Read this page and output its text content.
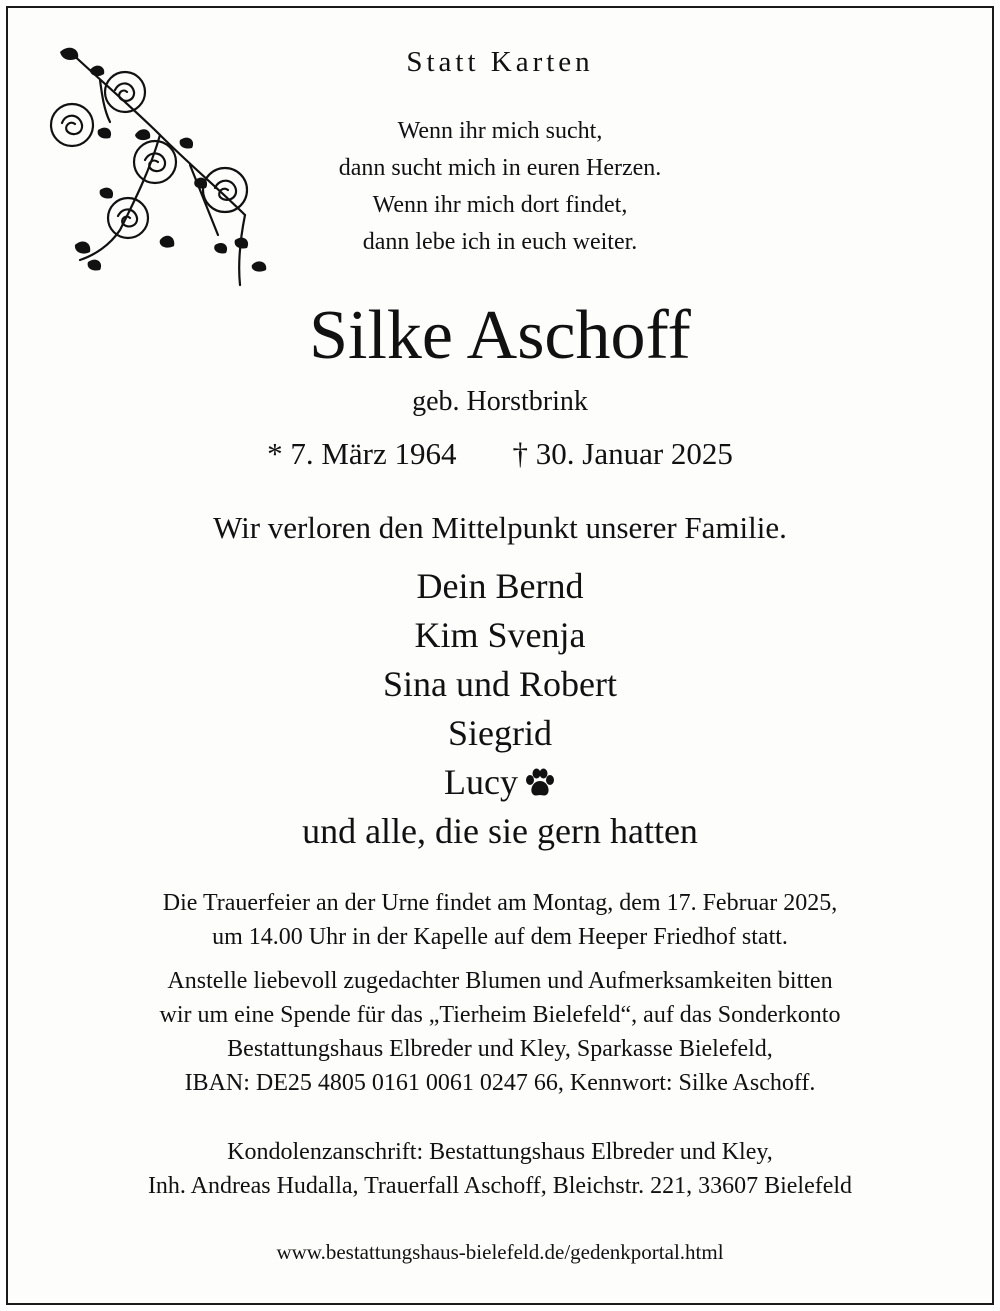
Statt Karten
Wenn ihr mich sucht,
dann sucht mich in euren Herzen.
Wenn ihr mich dort findet,
dann lebe ich in euch weiter.
Silke Aschoff
geb. Horstbrink
* 7. März 1964 † 30. Januar 2025
Wir verloren den Mittelpunkt unserer Familie.
Dein Bernd
Kim Svenja
Sina und Robert
Siegrid
Lucy
und alle, die sie gern hatten
Die Trauerfeier an der Urne findet am Montag, dem 17. Februar 2025,
um 14.00 Uhr in der Kapelle auf dem Heeper Friedhof statt.
Anstelle liebevoll zugedachter Blumen und Aufmerksamkeiten bitten
wir um eine Spende für das „Tierheim Bielefeld“, auf das Sonderkonto
Bestattungshaus Elbreder und Kley, Sparkasse Bielefeld,
IBAN: DE25 4805 0161 0061 0247 66, Kennwort: Silke Aschoff.
Kondolenzanschrift: Bestattungshaus Elbreder und Kley,
Inh. Andreas Hudalla, Trauerfall Aschoff, Bleichstr. 221, 33607 Bielefeld
www.bestattungshaus-bielefeld.de/gedenkportal.html
